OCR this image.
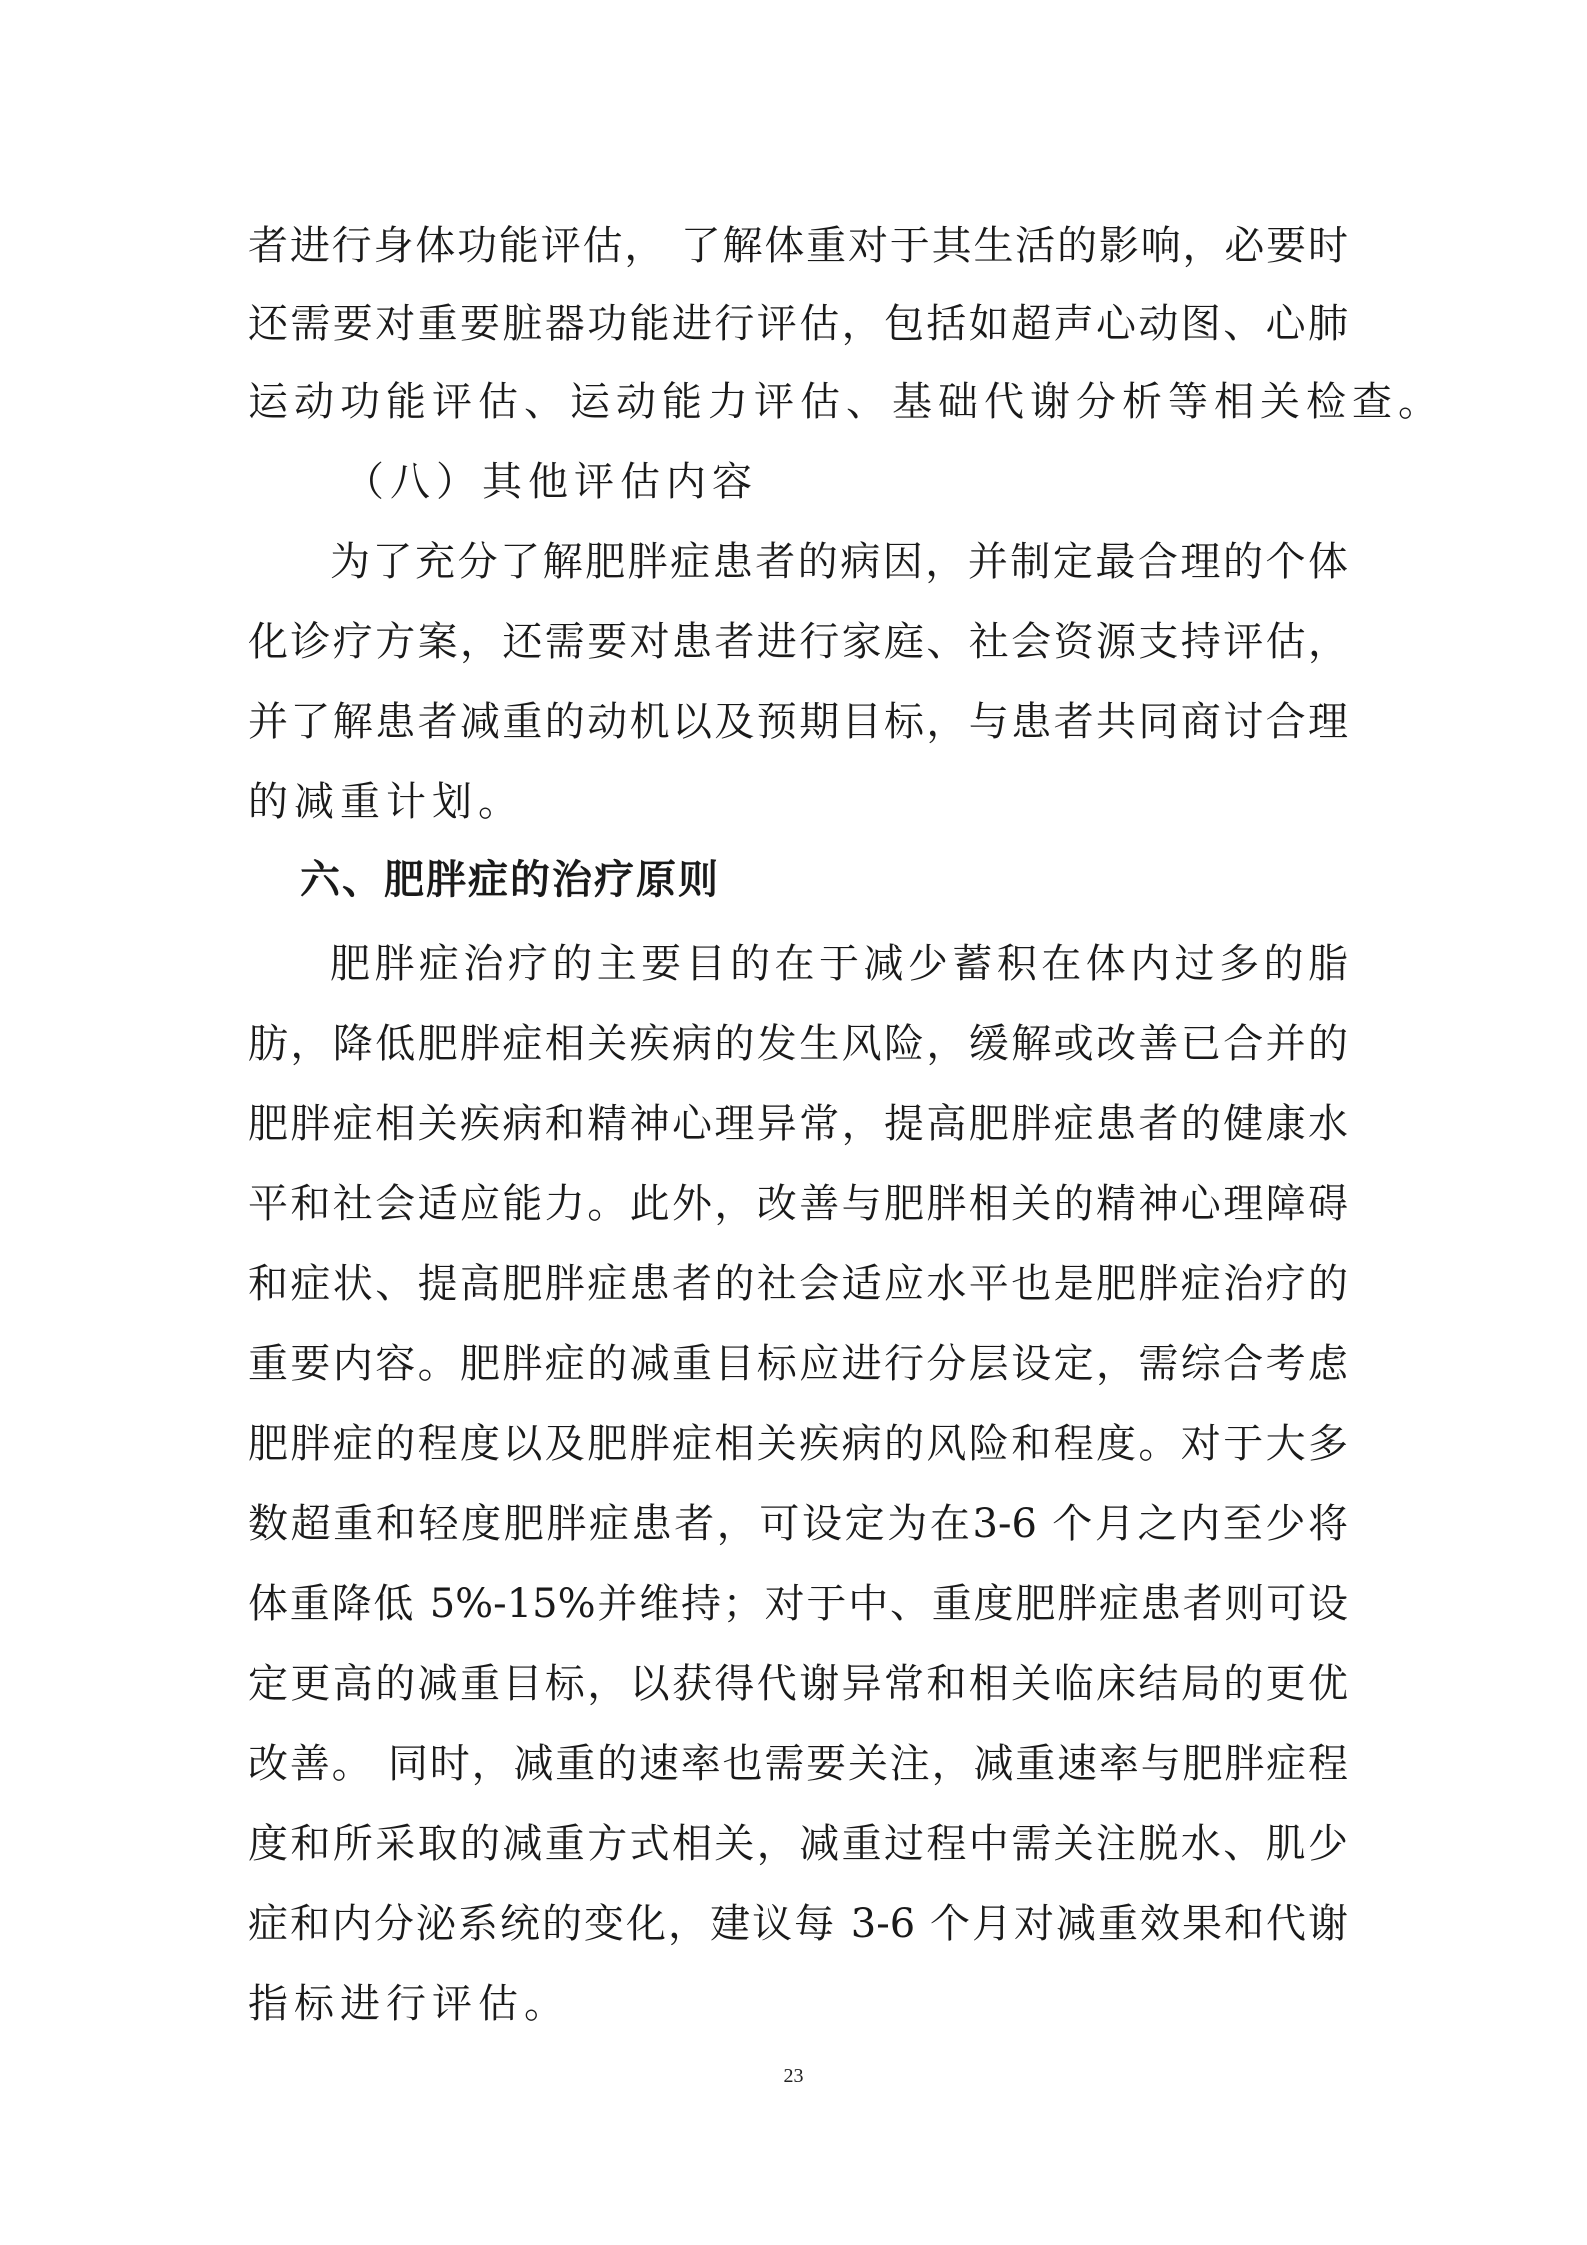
者进行身体功能评估， 了解体重对于其生活的影响，必要时
还需要对重要脏器功能进行评估，包括如超声心动图、心肺
运动功能评估、运动能力评估、基础代谢分析等相关检查。
（八）其他评估内容
为了充分了解肥胖症患者的病因，并制定最合理的个体
化诊疗方案，还需要对患者进行家庭、社会资源支持评估，
并了解患者减重的动机以及预期目标，与患者共同商讨合理
的减重计划。
六、肥胖症的治疗原则
肥胖症治疗的主要目的在于减少蓄积在体内过多的脂
肪，降低肥胖症相关疾病的发生风险，缓解或改善已合并的
肥胖症相关疾病和精神心理异常，提高肥胖症患者的健康水
平和社会适应能力。此外，改善与肥胖相关的精神心理障碍
和症状、提高肥胖症患者的社会适应水平也是肥胖症治疗的
重要内容。肥胖症的减重目标应进行分层设定，需综合考虑
肥胖症的程度以及肥胖症相关疾病的风险和程度。对于大多
数超重和轻度肥胖症患者，可设定为在3-6 个月之内至少将
体重降低 5%-15%并维持；对于中、重度肥胖症患者则可设
定更高的减重目标，以获得代谢异常和相关临床结局的更优
改善。 同时，减重的速率也需要关注，减重速率与肥胖症程
度和所采取的减重方式相关，减重过程中需关注脱水、肌少
症和内分泌系统的变化，建议每 3-6 个月对减重效果和代谢
指标进行评估。
23
